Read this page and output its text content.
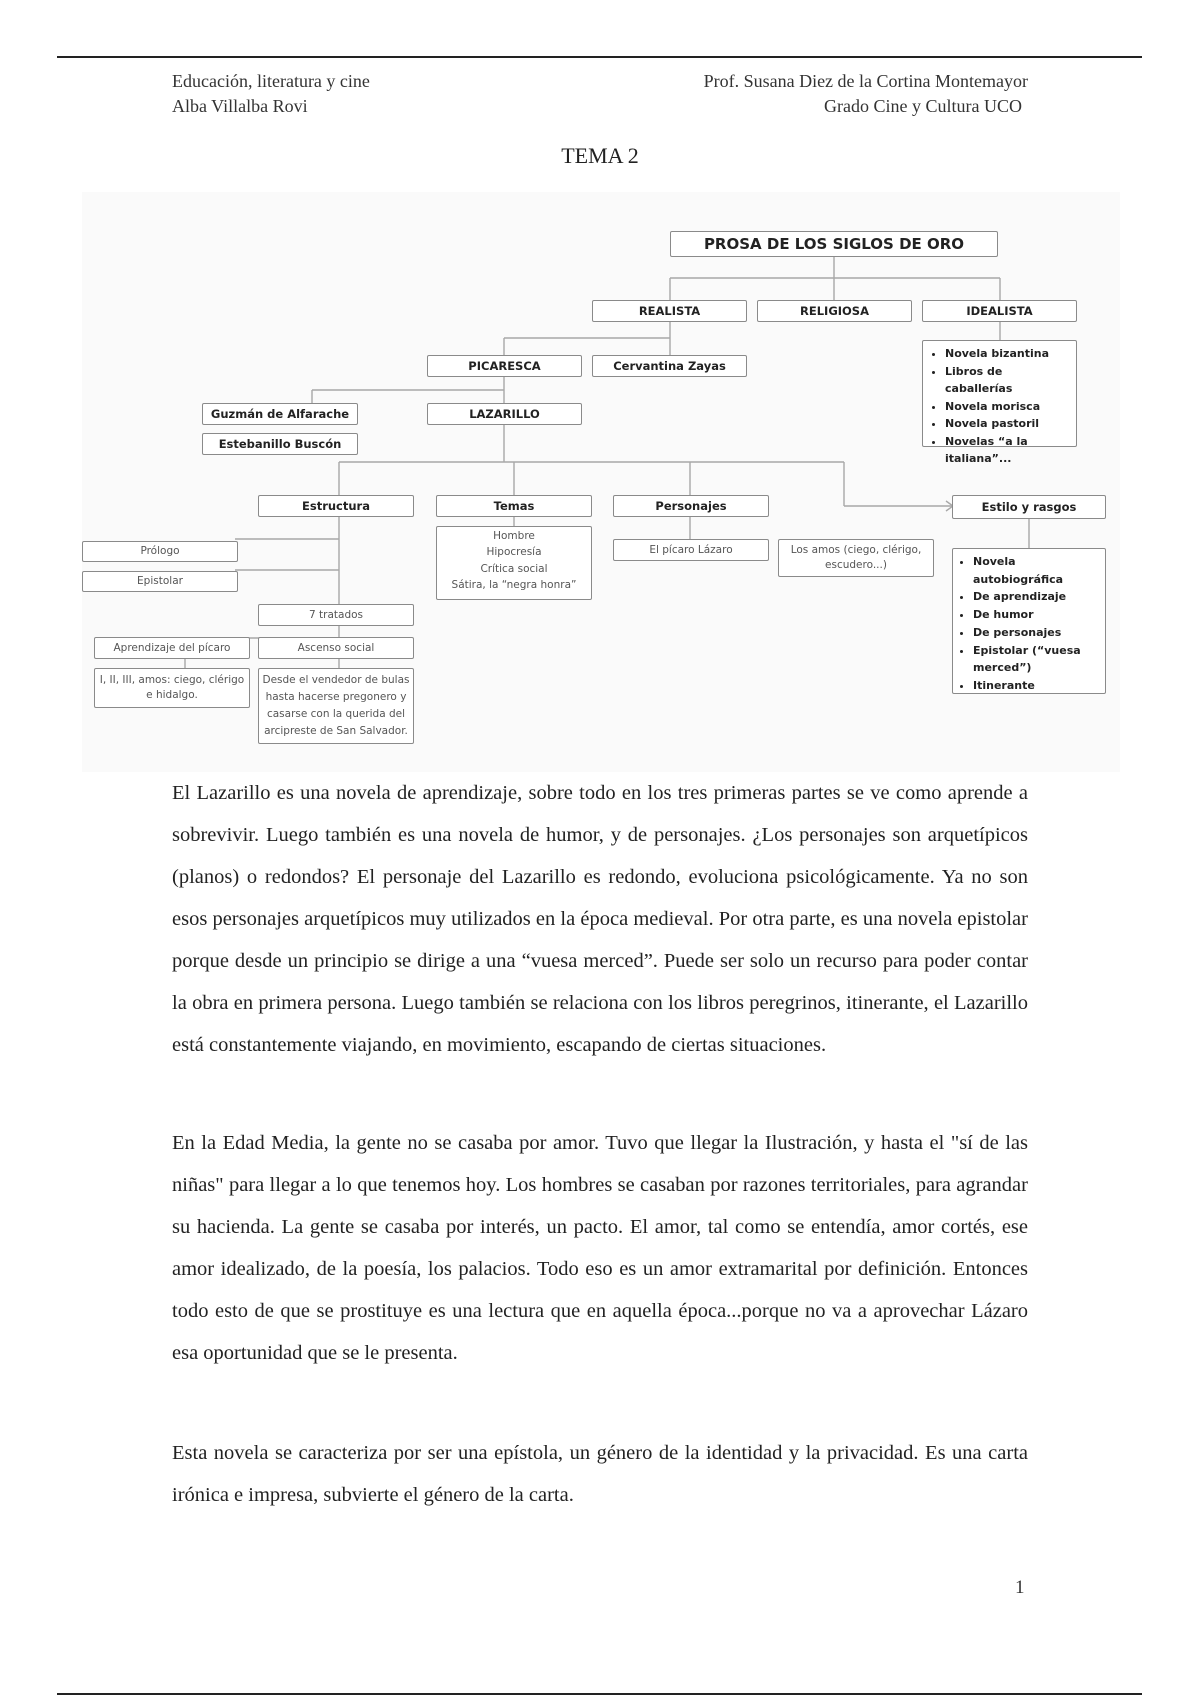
Educación, literatura y cine
Alba Villalba Rovi
Prof. Susana Diez de la Cortina Montemayor
Grado Cine y Cultura UCO
TEMA 2
PROSA DE LOS SIGLOS DE ORO
REALISTA	RELIGIOSA	IDEALISTA
• Novela bizantina
• Libros de caballerías
• Novela morisca
• Novela pastoril
• Novelas “a la italiana”...
PICARESCA	Cervantina Zayas
Guzmán de Alfarache
Estebanillo Buscón
LAZARILLO
Estructura	Temas	Personajes	Estilo y rasgos
Prólogo
Epistolar
Hombre
Hipocresía
Crítica social
Sátira, la “negra honra”
El pícaro Lázaro	Los amos (ciego, clérigo, escudero...)
•	Novela autobiográfica
• De aprendizaje
• De humor
• De personajes
• Epistolar (“vuesa merced”)
• Itinerante
7 tratados
Aprendizaje del pícaro	Ascenso social
I, II, III, amos: ciego, clérigo e hidalgo.
Desde el vendedor de bulas hasta hacerse pregonero y casarse con la querida del arcipreste de San Salvador.

El Lazarillo es una novela de aprendizaje, sobre todo en los tres primeras partes se ve como aprende a sobrevivir. Luego también es una novela de humor, y de personajes. ¿Los personajes son arquetípicos (planos) o redondos? El personaje del Lazarillo es redondo, evoluciona psicológicamente. Ya no son esos personajes arquetípicos muy utilizados en la época medieval. Por otra parte, es una novela epistolar porque desde un principio se dirige a una “vuesa merced”. Puede ser solo un recurso para poder contar la obra en primera persona. Luego también se relaciona con los libros peregrinos, itinerante, el Lazarillo está constantemente viajando, en movimiento, escapando de ciertas situaciones.

En la Edad Media, la gente no se casaba por amor. Tuvo que llegar la Ilustración, y hasta el "sí de las niñas" para llegar a lo que tenemos hoy. Los hombres se casaban por razones territoriales, para agrandar su hacienda. La gente se casaba por interés, un pacto. El amor, tal como se entendía, amor cortés, ese amor idealizado, de la poesía, los palacios. Todo eso es un amor extramarital por definición. Entonces todo esto de que se prostituye es una lectura que en aquella época...porque no va a aprovechar Lázaro esa oportunidad que se le presenta.

Esta novela se caracteriza por ser una epístola, un género de la identidad y la privacidad. Es una carta irónica e impresa, subvierte el género de la carta.

1
